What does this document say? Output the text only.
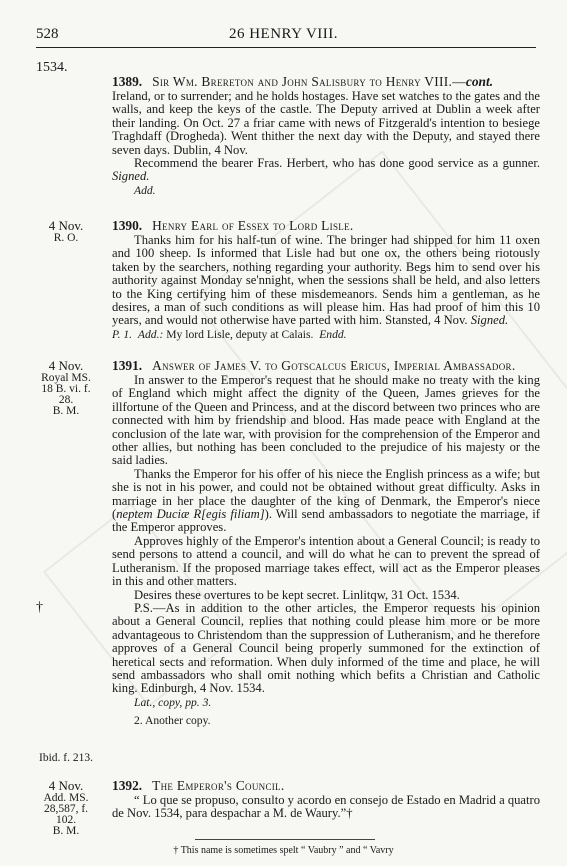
528	26 HENRY VIII.
1534.
1389. Sir Wm. Brereton and John Salisbury to Henry VIII.—cont.

Ireland, or to surrender; and he holds hostages. Have set watches to the gates and the walls, and keep the keys of the castle. The Deputy arrived at Dublin a week after their landing. On Oct. 27 a friar came with news of Fitzgerald's intention to besiege Traghdaff (Drogheda). Went thither the next day with the Deputy, and stayed there seven days. Dublin, 4 Nov.

Recommend the bearer Fras. Herbert, who has done good service as a gunner. Signed.

Add.

4 Nov.
R. O.
1390. Henry Earl of Essex to Lord Lisle.

Thanks him for his half-tun of wine. The bringer had shipped for him 11 oxen and 100 sheep. Is informed that Lisle had but one ox, the others being riotously taken by the searchers, nothing regarding your authority. Begs him to send over his authority against Monday se'nnight, when the sessions shall be held, and also letters to the King certifying him of these misdemeanors. Sends him a gentleman, as he desires, a man of such conditions as will please him. Has had proof of him this 10 years, and would not otherwise have parted with him. Stansted, 4 Nov. Signed.

P. 1. Add.: My lord Lisle, deputy at Calais. Endd.

4 Nov.
Royal MS.
18 B. vi. f. 28.
B. M.
1391. Answer of James V. to Gotscalcus Ericus, Imperial Ambassador.

In answer to the Emperor's request that he should make no treaty with the king of England which might affect the dignity of the Queen, James grieves for the illfortune of the Queen and Princess, and at the discord between two princes who are connected with him by friendship and blood. Has made peace with England at the conclusion of the late war, with provision for the comprehension of the Emperor and other allies, but nothing has been concluded to the prejudice of his majesty or the said ladies.

Thanks the Emperor for his offer of his niece the English princess as a wife; but she is not in his power, and could not be obtained without great difficulty. Asks in marriage in her place the daughter of the king of Denmark, the Emperor's niece (neptem Duciæ R[egis filiam]). Will send ambassadors to negotiate the marriage, if the Emperor approves.

Approves highly of the Emperor's intention about a General Council; is ready to send persons to attend a council, and will do what he can to prevent the spread of Lutheranism. If the proposed marriage takes effect, will act as the Emperor pleases in this and other matters.

Desires these overtures to be kept secret. Linlitqw, 31 Oct. 1534.

P.S.—As in addition to the other articles, the Emperor requests his opinion about a General Council, replies that nothing could please him more or be more advantageous to Christendom than the suppression of Lutheranism, and he therefore approves of a General Council being properly summoned for the extinction of heretical sects and reformation. When duly informed of the time and place, he will send ambassadors who shall omit nothing which befits a Christian and Catholic king. Edinburgh, 4 Nov. 1534.

Lat., copy, pp. 3.

2. Another copy.

†
Ibid. f. 213.
4 Nov.
Add. MS.
28,587, f. 102.
B. M.
1392. The Emperor's Council.

“ Lo que se propuso, consulto y acordo en consejo de Estado en Madrid a quatro de Nov. 1534, para despachar a M. de Waury.”†

† This name is sometimes spelt “ Vaubry ” and “ Vavry
